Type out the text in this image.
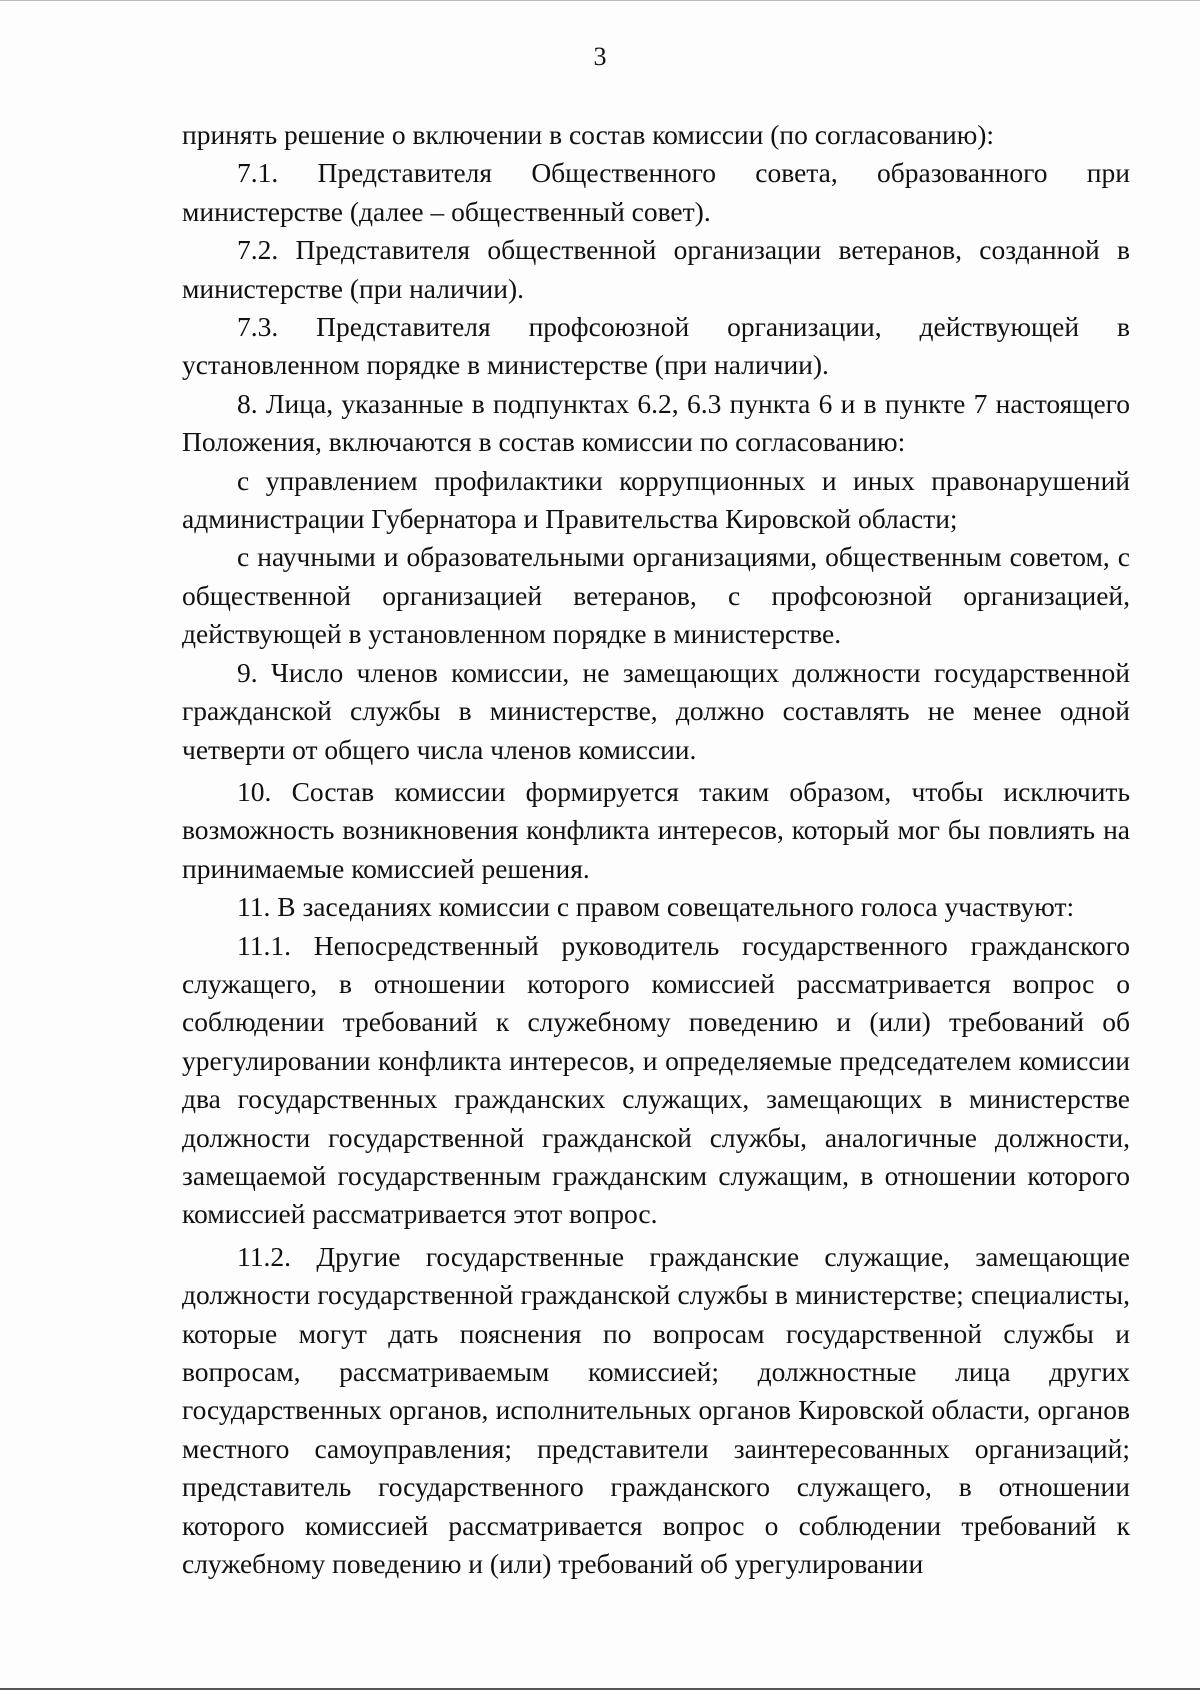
3

принять решение о включении в состав комиссии (по согласованию):

7.1. Представителя Общественного совета, образованного при министерстве (далее – общественный совет).

7.2. Представителя общественной организации ветеранов, созданной в министерстве (при наличии).

7.3. Представителя профсоюзной организации, действующей в установленном порядке в министерстве (при наличии).

8. Лица, указанные в подпунктах 6.2, 6.3 пункта 6 и в пункте 7 настоящего Положения, включаются в состав комиссии по согласованию:

с управлением профилактики коррупционных и иных правонарушений администрации Губернатора и Правительства Кировской области;

с научными и образовательными организациями, общественным советом, с общественной организацией ветеранов, с профсоюзной организацией, действующей в установленном порядке в министерстве.

9. Число членов комиссии, не замещающих должности государственной гражданской службы в министерстве, должно составлять не менее одной четверти от общего числа членов комиссии.

10. Состав комиссии формируется таким образом, чтобы исключить возможность возникновения конфликта интересов, который мог бы повлиять на принимаемые комиссией решения.

11. В заседаниях комиссии с правом совещательного голоса участвуют:

11.1. Непосредственный руководитель государственного гражданского служащего, в отношении которого комиссией рассматривается вопрос о соблюдении требований к служебному поведению и (или) требований об урегулировании конфликта интересов, и определяемые председателем комиссии два государственных гражданских служащих, замещающих в министерстве должности государственной гражданской службы, аналогичные должности, замещаемой государственным гражданским служащим, в отношении которого комиссией рассматривается этот вопрос.

11.2. Другие государственные гражданские служащие, замещающие должности государственной гражданской службы в министерстве; специалисты, которые могут дать пояснения по вопросам государственной службы и вопросам, рассматриваемым комиссией; должностные лица других государственных органов, исполнительных органов Кировской области, органов местного самоуправления; представители заинтересованных организаций; представитель государственного гражданского служащего, в отношении которого комиссией рассматривается вопрос о соблюдении требований к служебному поведению и (или) требований об урегулировании
